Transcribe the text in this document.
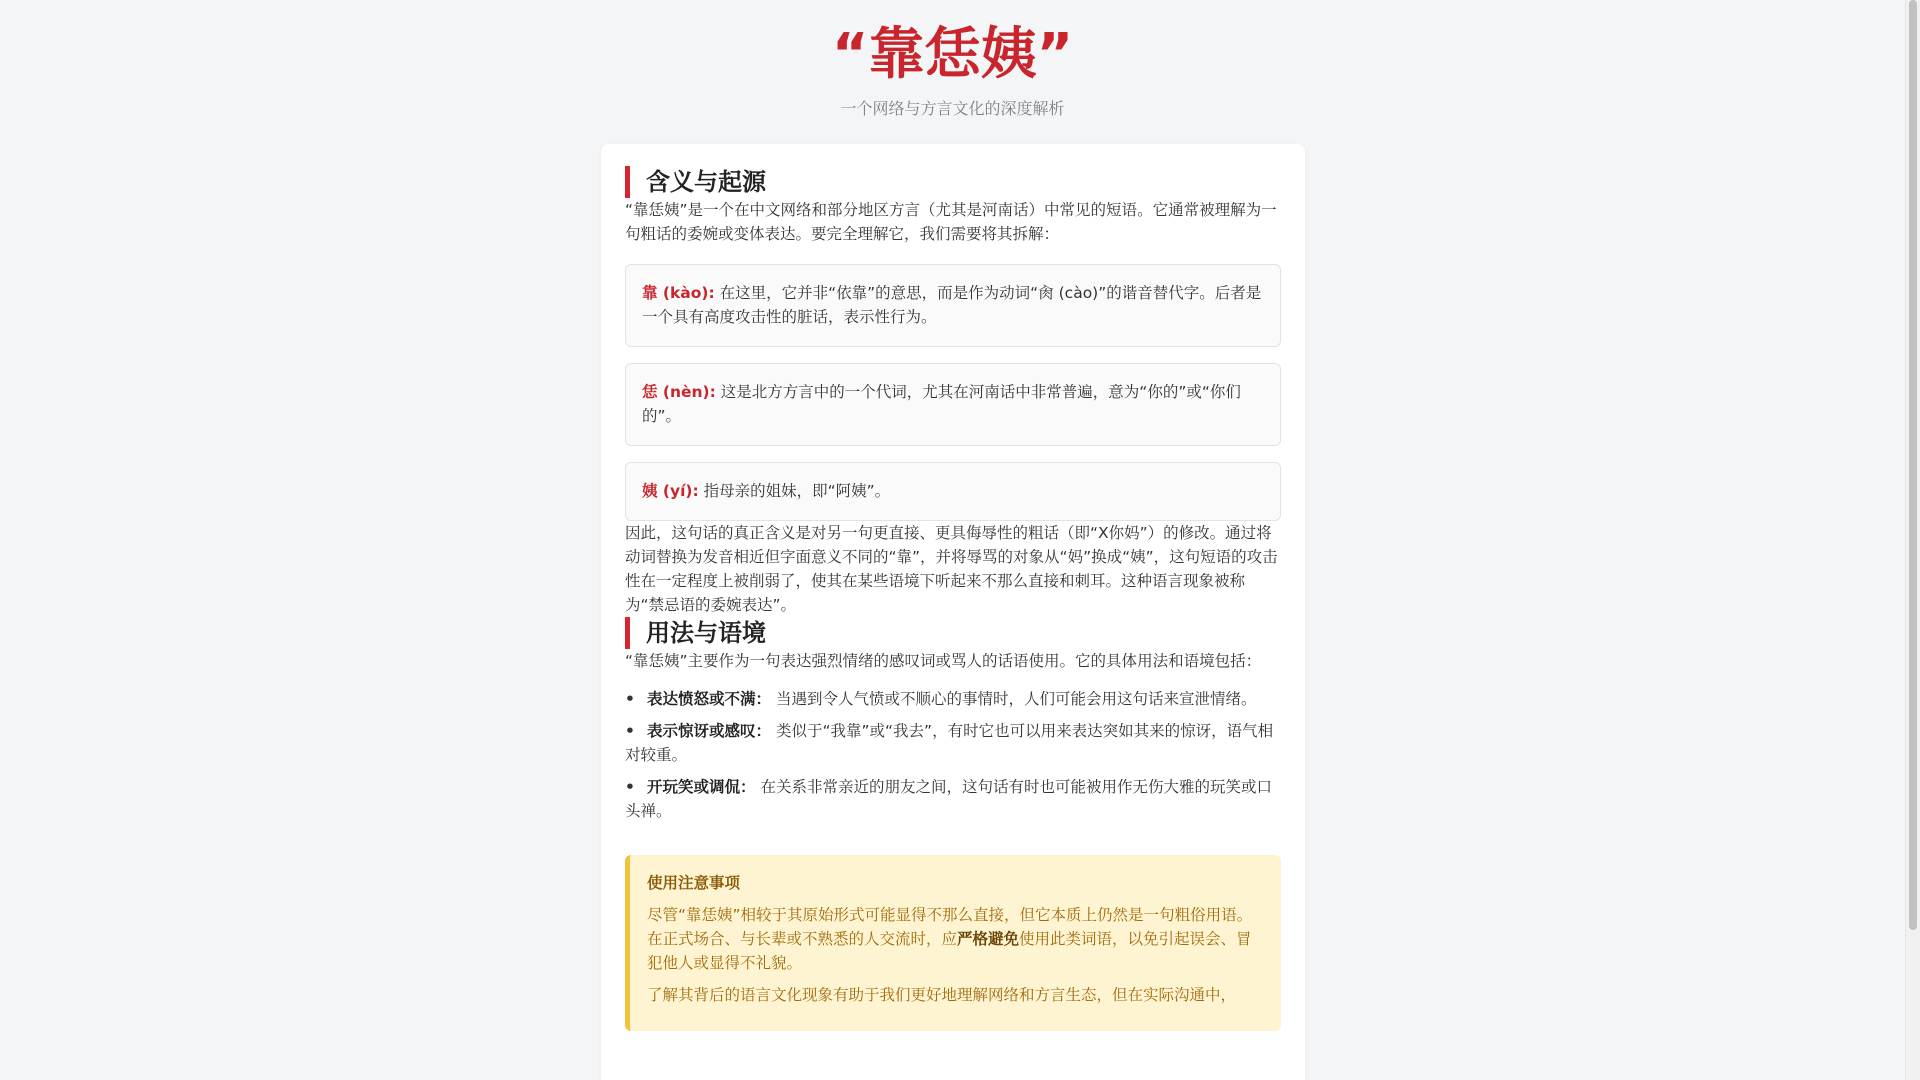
“靠恁姨”
一个网络与方言文化的深度解析
含义与起源

“靠恁姨”是一个在中文网络和部分地区方言（尤其是河南话）中常见的短语。它通常被理解为一句粗话的委婉或变体表达。要完全理解它，我们需要将其拆解：

靠 (kào): 在这里，它并非“依靠”的意思，而是作为动词“肏 (cào)”的谐音替代字。后者是一个具有高度攻击性的脏话，表示性行为。
恁 (nèn): 这是北方方言中的一个代词，尤其在河南话中非常普遍，意为“你的”或“你们的”。
姨 (yí): 指母亲的姐妹，即“阿姨”。

因此，这句话的真正含义是对另一句更直接、更具侮辱性的粗话（即“X你妈”）的修改。通过将动词替换为发音相近但字面意义不同的“靠”，并将辱骂的对象从“妈”换成“姨”，这句短语的攻击性在一定程度上被削弱了，使其在某些语境下听起来不那么直接和刺耳。这种语言现象被称为“禁忌语的委婉表达”。

用法与语境

“靠恁姨”主要作为一句表达强烈情绪的感叹词或骂人的话语使用。它的具体用法和语境包括：

• 表达愤怒或不满： 当遇到令人气愤或不顺心的事情时，人们可能会用这句话来宣泄情绪。
• 表示惊讶或感叹： 类似于“我靠”或“我去”，有时它也可以用来表达突如其来的惊讶，语气相对较重。
• 开玩笑或调侃： 在关系非常亲近的朋友之间，这句话有时也可能被用作无伤大雅的玩笑或口头禅。
使用注意事项

尽管“靠恁姨”相较于其原始形式可能显得不那么直接，但它本质上仍然是一句粗俗用语。在正式场合、与长辈或不熟悉的人交流时，应严格避免使用此类词语，以免引起误会、冒犯他人或显得不礼貌。

了解其背后的语言文化现象有助于我们更好地理解网络和方言生态，但在实际沟通中，
